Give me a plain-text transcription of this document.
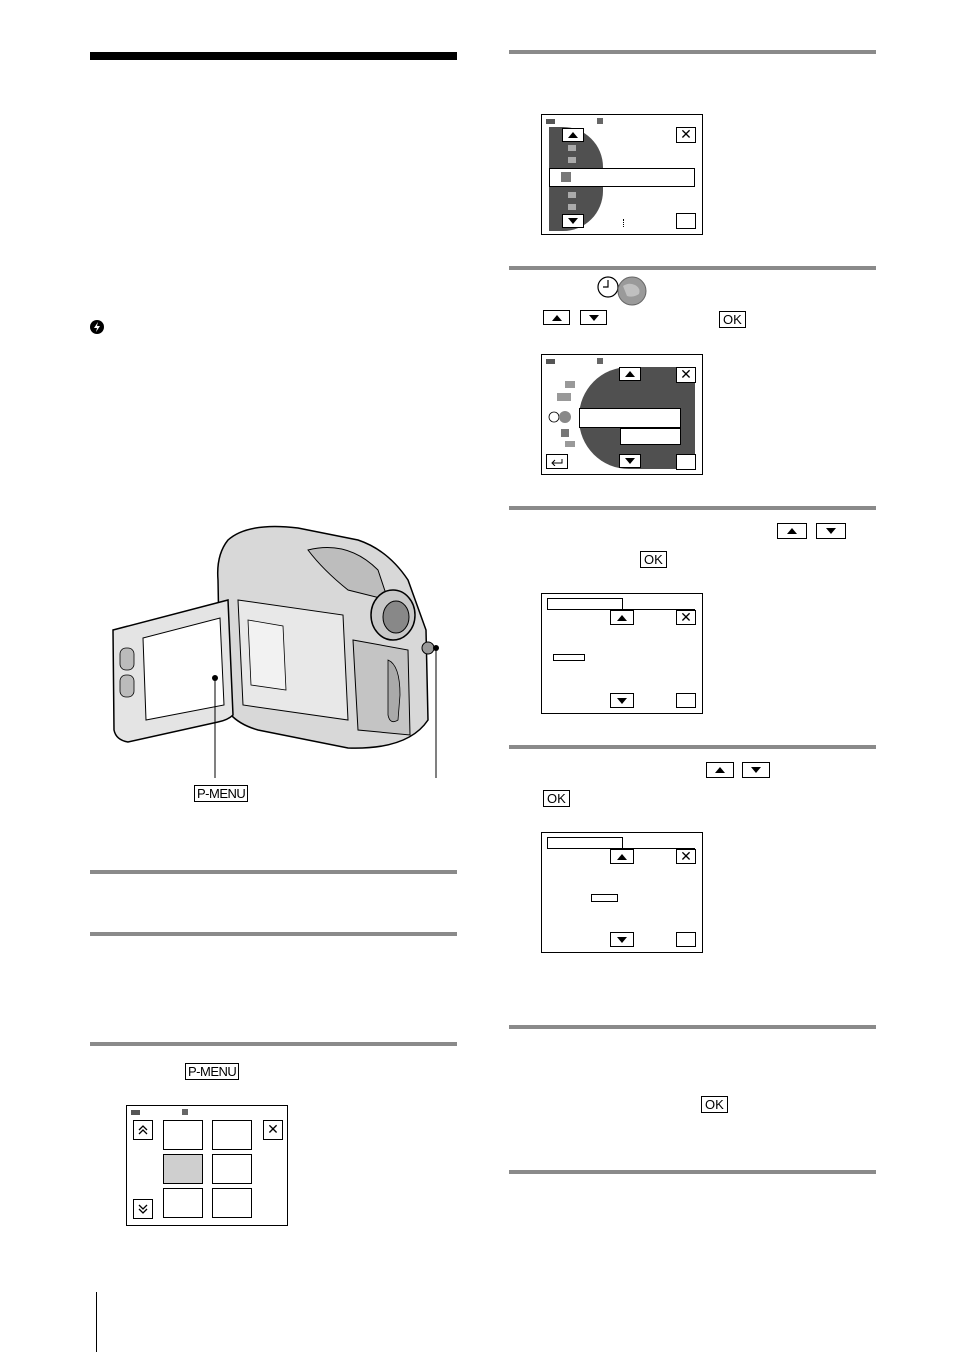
P-MENU
P-MENU
✕
✕
OK
✕
OK
✕
OK
✕
OK
